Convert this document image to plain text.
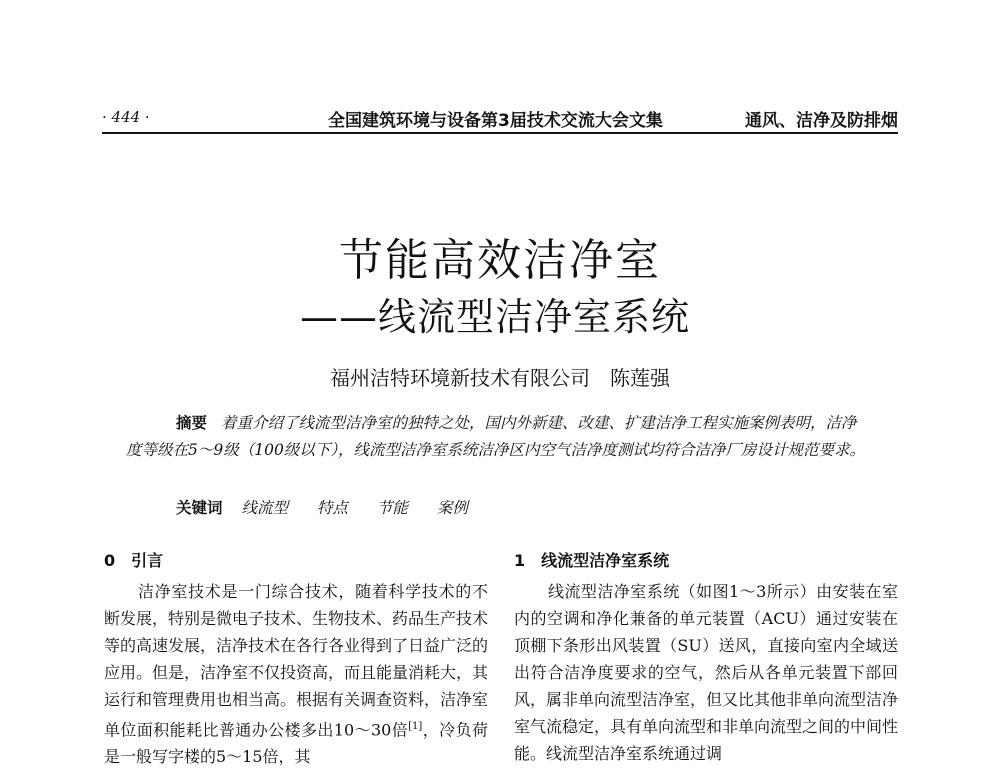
· 444 ·	全国建筑环境与设备第3届技术交流大会文集	通风、洁净及防排烟
节能高效洁净室
——线流型洁净室系统
福州洁特环境新技术有限公司　陈莲强
摘要 着重介绍了线流型洁净室的独特之处，国内外新建、改建、扩建洁净工程实施案例表明，洁净度等级在5～9级（100级以下），线流型洁净室系统洁净区内空气洁净度测试均符合洁净厂房设计规范要求。
关键词 线流型 特点 节能 案例
0 引言

洁净室技术是一门综合技术，随着科学技术的不断发展，特别是微电子技术、生物技术、药品生产技术等的高速发展，洁净技术在各行各业得到了日益广泛的应用。但是，洁净室不仅投资高，而且能量消耗大，其运行和管理费用也相当高。根据有关调查资料，洁净室单位面积能耗比普通办公楼多出10～30倍[1]，冷负荷是一般写字楼的5～15倍，其

1 线流型洁净室系统

线流型洁净室系统（如图1～3所示）由安装在室内的空调和净化兼备的单元装置（ACU）通过安装在顶棚下条形出风装置（SU）送风，直接向室内全域送出符合洁净度要求的空气，然后从各单元装置下部回风，属非单向流型洁净室，但又比其他非单向流型洁净室气流稳定，具有单向流型和非单向流型之间的中间性能。线流型洁净室系统通过调
